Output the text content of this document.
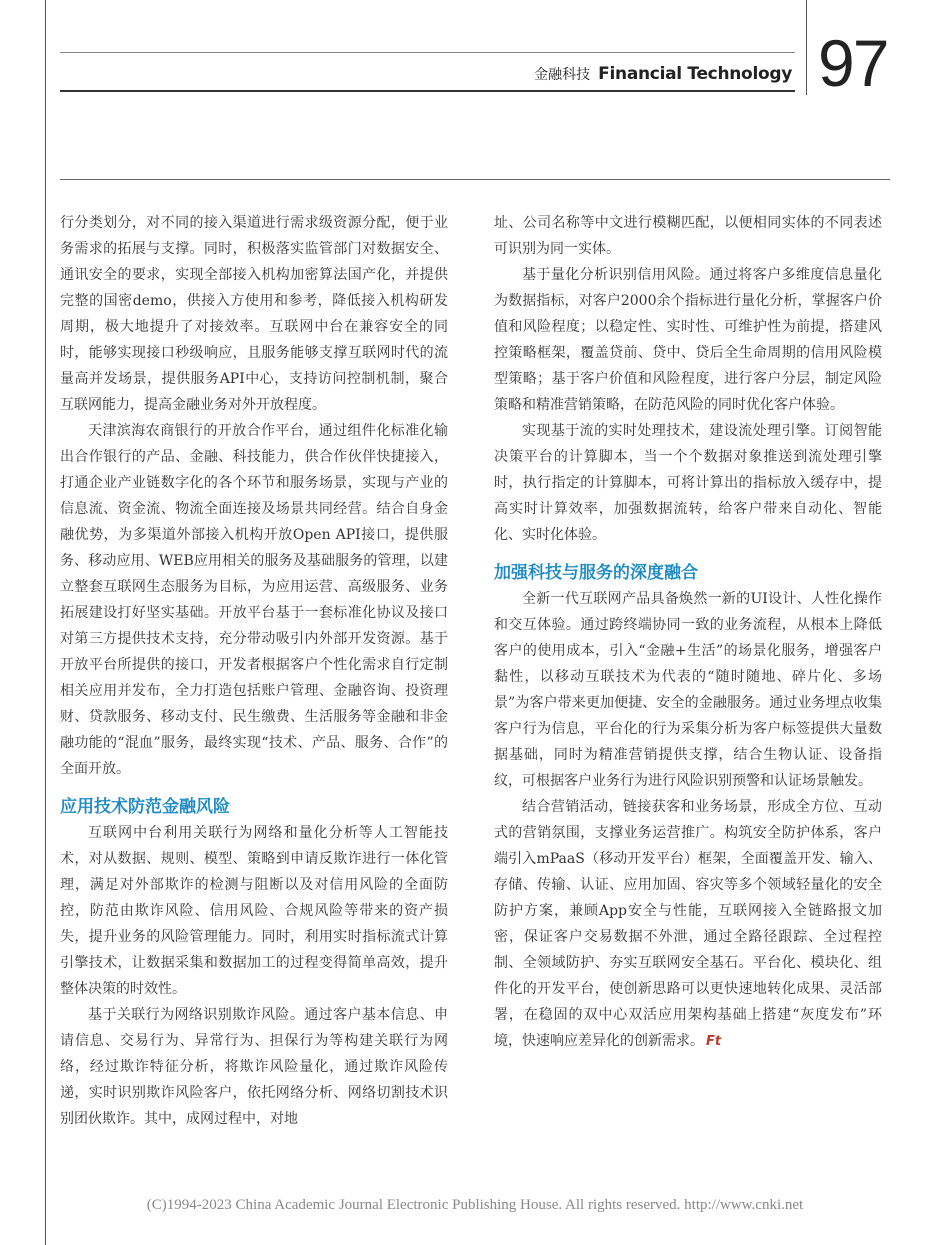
金融科技 Financial Technology 97

行分类划分，对不同的接入渠道进行需求级资源分配，便于业务需求的拓展与支撑。同时，积极落实监管部门对数据安全、通讯安全的要求，实现全部接入机构加密算法国产化，并提供完整的国密demo，供接入方使用和参考，降低接入机构研发周期，极大地提升了对接效率。互联网中台在兼容安全的同时，能够实现接口秒级响应，且服务能够支撑互联网时代的流量高并发场景，提供服务API中心，支持访问控制机制，聚合互联网能力，提高金融业务对外开放程度。

天津滨海农商银行的开放合作平台，通过组件化标准化输出合作银行的产品、金融、科技能力，供合作伙伴快捷接入，打通企业产业链数字化的各个环节和服务场景，实现与产业的信息流、资金流、物流全面连接及场景共同经营。结合自身金融优势，为多渠道外部接入机构开放Open API接口，提供服务、移动应用、WEB应用相关的服务及基础服务的管理，以建立整套互联网生态服务为目标，为应用运营、高级服务、业务拓展建设打好坚实基础。开放平台基于一套标准化协议及接口对第三方提供技术支持，充分带动吸引内外部开发资源。基于开放平台所提供的接口，开发者根据客户个性化需求自行定制相关应用并发布，全力打造包括账户管理、金融咨询、投资理财、贷款服务、移动支付、民生缴费、生活服务等金融和非金融功能的“混血”服务，最终实现“技术、产品、服务、合作”的全面开放。

应用技术防范金融风险

互联网中台利用关联行为网络和量化分析等人工智能技术，对从数据、规则、模型、策略到申请反欺诈进行一体化管理，满足对外部欺诈的检测与阻断以及对信用风险的全面防控，防范由欺诈风险、信用风险、合规风险等带来的资产损失，提升业务的风险管理能力。同时，利用实时指标流式计算引擎技术，让数据采集和数据加工的过程变得简单高效，提升整体决策的时效性。

基于关联行为网络识别欺诈风险。通过客户基本信息、申请信息、交易行为、异常行为、担保行为等构建关联行为网络，经过欺诈特征分析，将欺诈风险量化，通过欺诈风险传递，实时识别欺诈风险客户，依托网络分析、网络切割技术识别团伙欺诈。其中，成网过程中，对地

址、公司名称等中文进行模糊匹配，以便相同实体的不同表述可识别为同一实体。

基于量化分析识别信用风险。通过将客户多维度信息量化为数据指标，对客户2000余个指标进行量化分析，掌握客户价值和风险程度；以稳定性、实时性、可维护性为前提，搭建风控策略框架，覆盖贷前、贷中、贷后全生命周期的信用风险模型策略；基于客户价值和风险程度，进行客户分层，制定风险策略和精准营销策略，在防范风险的同时优化客户体验。

实现基于流的实时处理技术，建设流处理引擎。订阅智能决策平台的计算脚本，当一个个数据对象推送到流处理引擎时，执行指定的计算脚本，可将计算出的指标放入缓存中，提高实时计算效率，加强数据流转，给客户带来自动化、智能化、实时化体验。

加强科技与服务的深度融合

全新一代互联网产品具备焕然一新的UI设计、人性化操作和交互体验。通过跨终端协同一致的业务流程，从根本上降低客户的使用成本，引入“金融+生活”的场景化服务，增强客户黏性，以移动互联技术为代表的“随时随地、碎片化、多场景”为客户带来更加便捷、安全的金融服务。通过业务埋点收集客户行为信息，平台化的行为采集分析为客户标签提供大量数据基础，同时为精准营销提供支撑，结合生物认证、设备指纹，可根据客户业务行为进行风险识别预警和认证场景触发。

结合营销活动，链接获客和业务场景，形成全方位、互动式的营销氛围，支撑业务运营推广。构筑安全防护体系，客户端引入mPaaS（移动开发平台）框架，全面覆盖开发、输入、存储、传输、认证、应用加固、容灾等多个领域轻量化的安全防护方案，兼顾App安全与性能，互联网接入全链路报文加密，保证客户交易数据不外泄，通过全路径跟踪、全过程控制、全领域防护、夯实互联网安全基石。平台化、模块化、组件化的开发平台，使创新思路可以更快速地转化成果、灵活部署，在稳固的双中心双活应用架构基础上搭建“灰度发布”环境，快速响应差异化的创新需求。 Ft

(C)1994-2023 China Academic Journal Electronic Publishing House. All rights reserved. http://www.cnki.net
